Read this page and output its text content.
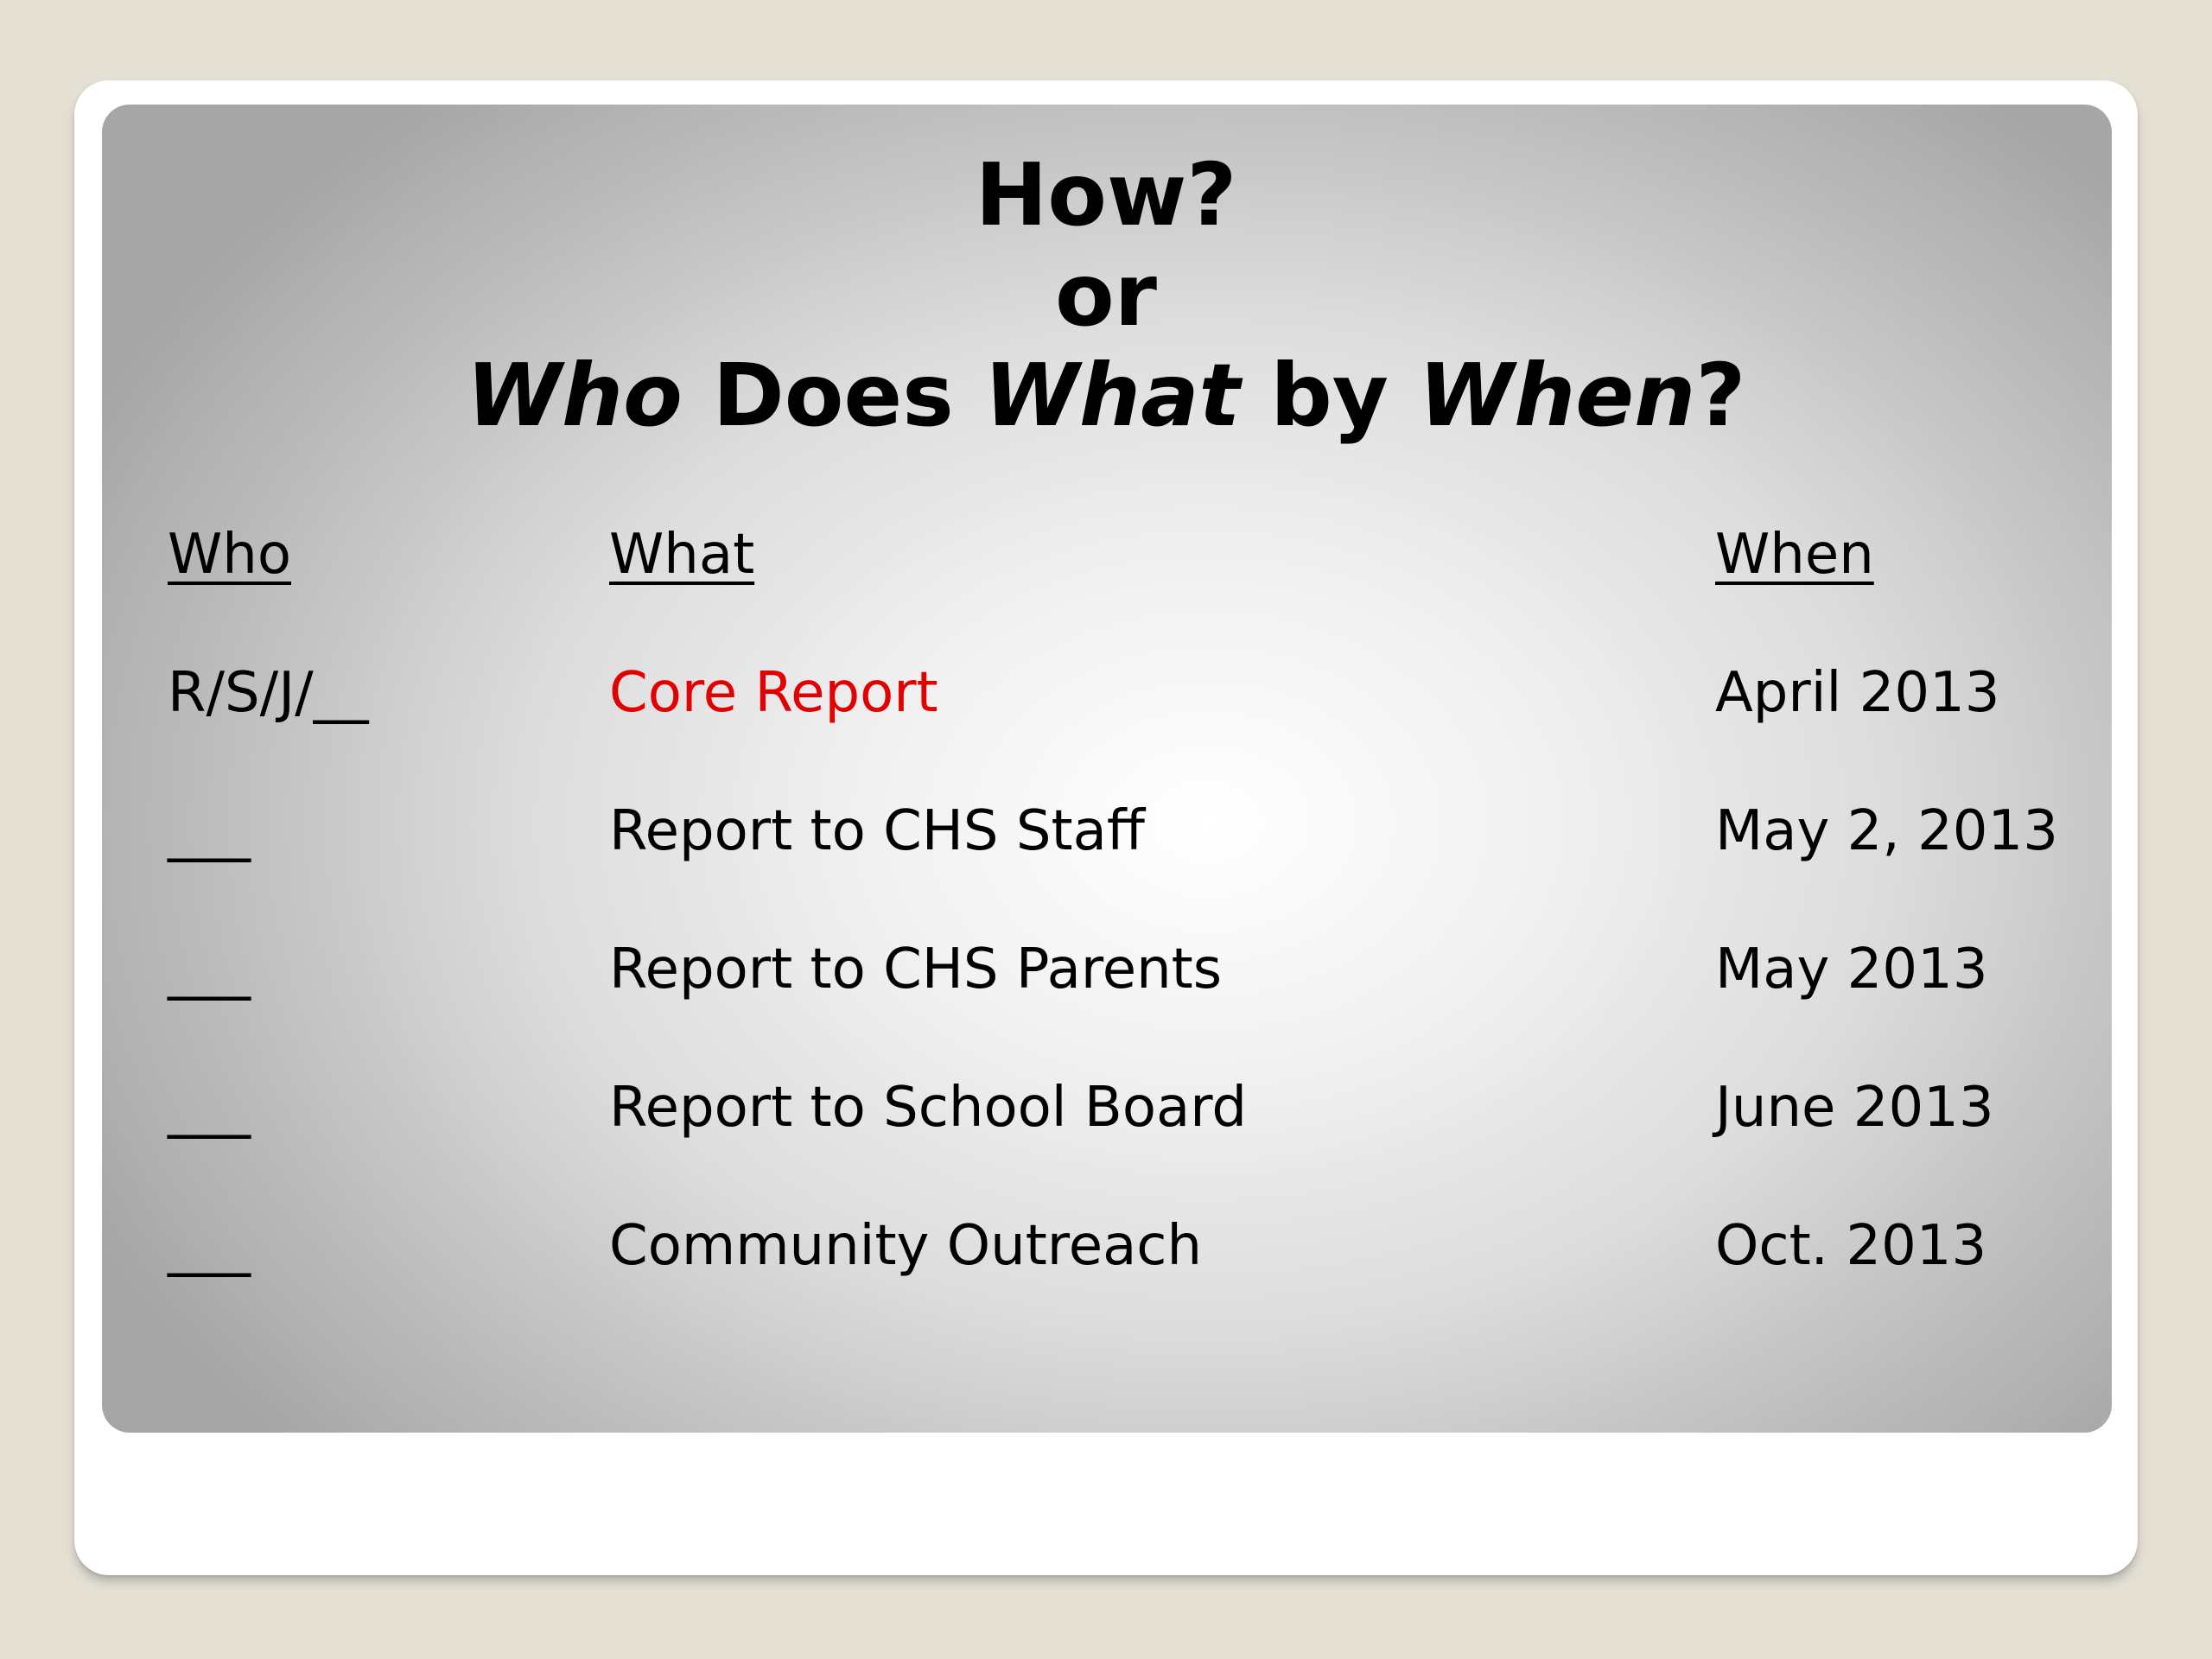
How?
or
Who Does What by When?
Who	What	When
R/S/J/__	Core Report	April 2013
___	Report to CHS Staff	May 2, 2013
___	Report to CHS Parents	May 2013
___	Report to School Board	June 2013
___	Community Outreach	Oct. 2013
